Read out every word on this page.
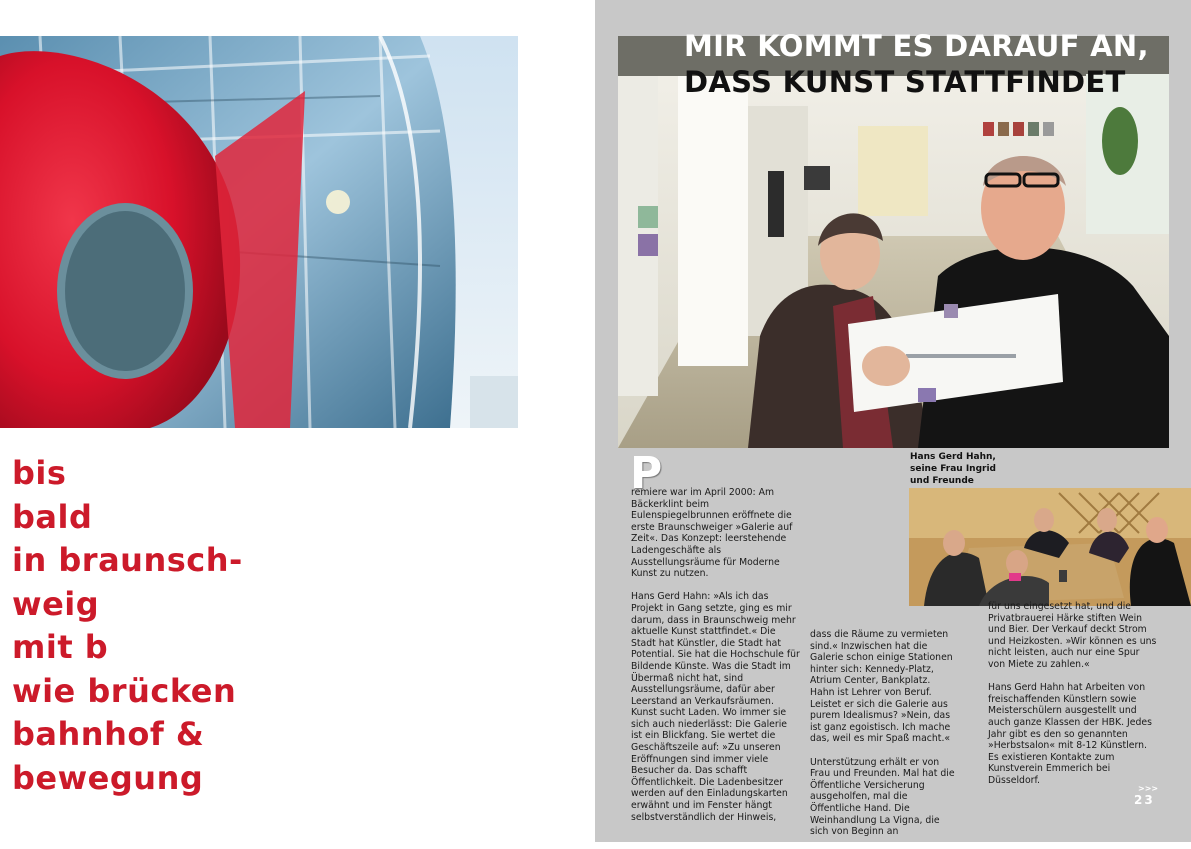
bis
bald
in braunsch-
weig
mit b
wie brücken
bahnhof &
bewegung
MIR KOMMT ES DARAUF AN,
DASS KUNST STATTFINDET
Hans Gerd Hahn,
seine Frau Ingrid
und Freunde
P

remiere war im April 2000: Am Bäckerklint beim Eulenspiegelbrunnen eröffnete die erste Braunschweiger »Galerie auf Zeit«. Das Konzept: leerstehende Ladengeschäfte als Ausstellungsräume für Moderne Kunst zu nutzen.

Hans Gerd Hahn: »Als ich das Projekt in Gang setzte, ging es mir darum, dass in Braunschweig mehr aktuelle Kunst stattfindet.« Die Stadt hat Künstler, die Stadt hat Potential. Sie hat die Hochschule für Bildende Künste. Was die Stadt im Übermaß nicht hat, sind Ausstellungsräume, dafür aber Leerstand an Verkaufsräumen. Kunst sucht Laden. Wo immer sie sich auch niederlässt: Die Galerie ist ein Blickfang. Sie wertet die Geschäftszeile auf: »Zu unseren Eröffnungen sind immer viele Besucher da. Das schafft Öffentlichkeit. Die Ladenbesitzer werden auf den Einladungskarten erwähnt und im Fenster hängt selbstverständlich der Hinweis,

dass die Räume zu vermieten sind.« Inzwischen hat die Galerie schon einige Stationen hinter sich: Kennedy-Platz, Atrium Center, Bankplatz. Hahn ist Lehrer von Beruf. Leistet er sich die Galerie aus purem Idealismus? »Nein, das ist ganz egoistisch. Ich mache das, weil es mir Spaß macht.«

Unterstützung erhält er von Frau und Freunden. Mal hat die Öffentliche Versicherung ausgeholfen, mal die Öffentliche Hand. Die Weinhandlung La Vigna, die sich von Beginn an

für uns eingesetzt hat, und die Privatbrauerei Härke stiften Wein und Bier. Der Verkauf deckt Strom und Heizkosten. »Wir können es uns nicht leisten, auch nur eine Spur von Miete zu zahlen.«

Hans Gerd Hahn hat Arbeiten von freischaffenden Künstlern sowie Meisterschülern ausgestellt und auch ganze Klassen der HBK. Jedes Jahr gibt es den so genannten »Herbstsalon« mit 8-12 Künstlern. Es existieren Kontakte zum Kunstverein Emmerich bei Düsseldorf.

>>>
23
